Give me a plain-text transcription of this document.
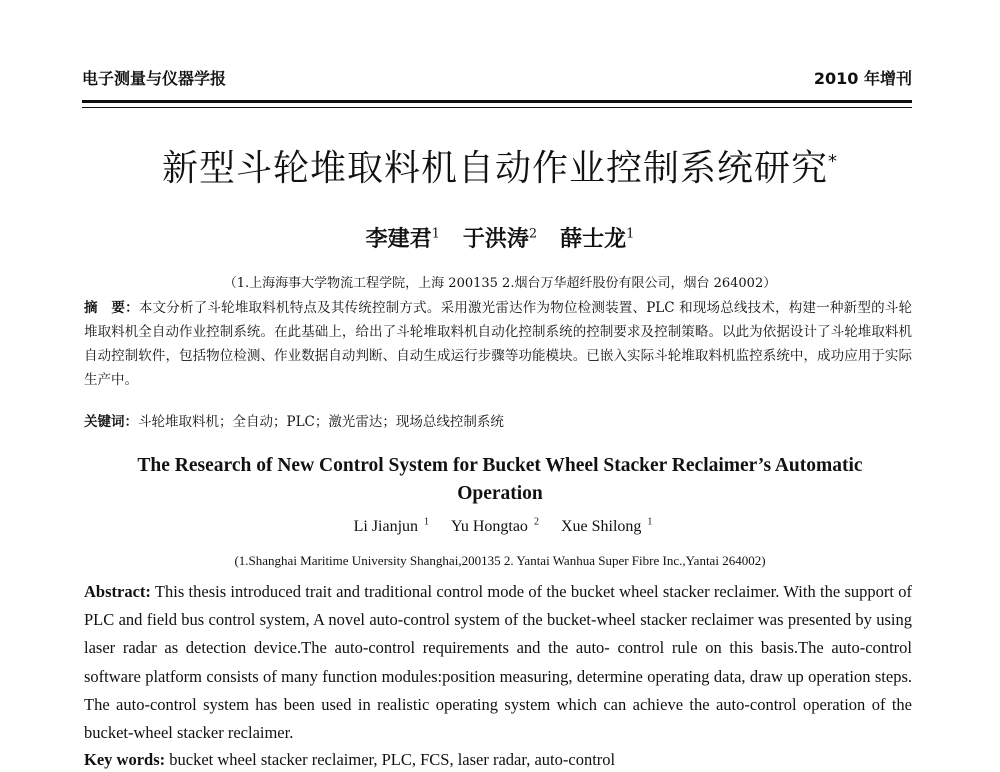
电子测量与仪器学报	2010 年增刊
新型斗轮堆取料机自动作业控制系统研究*
李建君$^1$ 于洪涛$^2$ 薛士龙$^1$
（1.上海海事大学物流工程学院，上海 200135 2.烟台万华超纤股份有限公司，烟台 264002）
摘　要：本文分析了斗轮堆取料机特点及其传统控制方式。采用激光雷达作为物位检测装置、PLC 和现场总线技术，构建一种新型的斗轮堆取料机全自动作业控制系统。在此基础上，给出了斗轮堆取料机自动化控制系统的控制要求及控制策略。以此为依据设计了斗轮堆取料机自动控制软件，包括物位检测、作业数据自动判断、自动生成运行步骤等功能模块。已嵌入实际斗轮堆取料机监控系统中，成功应用于实际生产中。
关键词：斗轮堆取料机；全自动；PLC；激光雷达；现场总线控制系统
The Research of New Control System for Bucket Wheel Stacker Reclaimer’s Automatic Operation
Li Jianjun $^1$ Yu Hongtao $^2$ Xue Shilong $^1$
(1.Shanghai Maritime University Shanghai,200135 2. Yantai Wanhua Super Fibre Inc.,Yantai 264002)
Abstract: This thesis introduced trait and traditional control mode of the bucket wheel stacker reclaimer. With the support of PLC and field bus control system, A novel auto-control system of the bucket-wheel stacker reclaimer was presented by using laser radar as detection device.The auto-control requirements and the auto- control rule on this basis.The auto-control software platform consists of many function modules:position measuring, determine operating data, draw up operation steps. The auto-control system has been used in realistic operating system which can achieve the auto-control operation of the bucket-wheel stacker reclaimer.
Key words: bucket wheel stacker reclaimer, PLC, FCS, laser radar, auto-control
